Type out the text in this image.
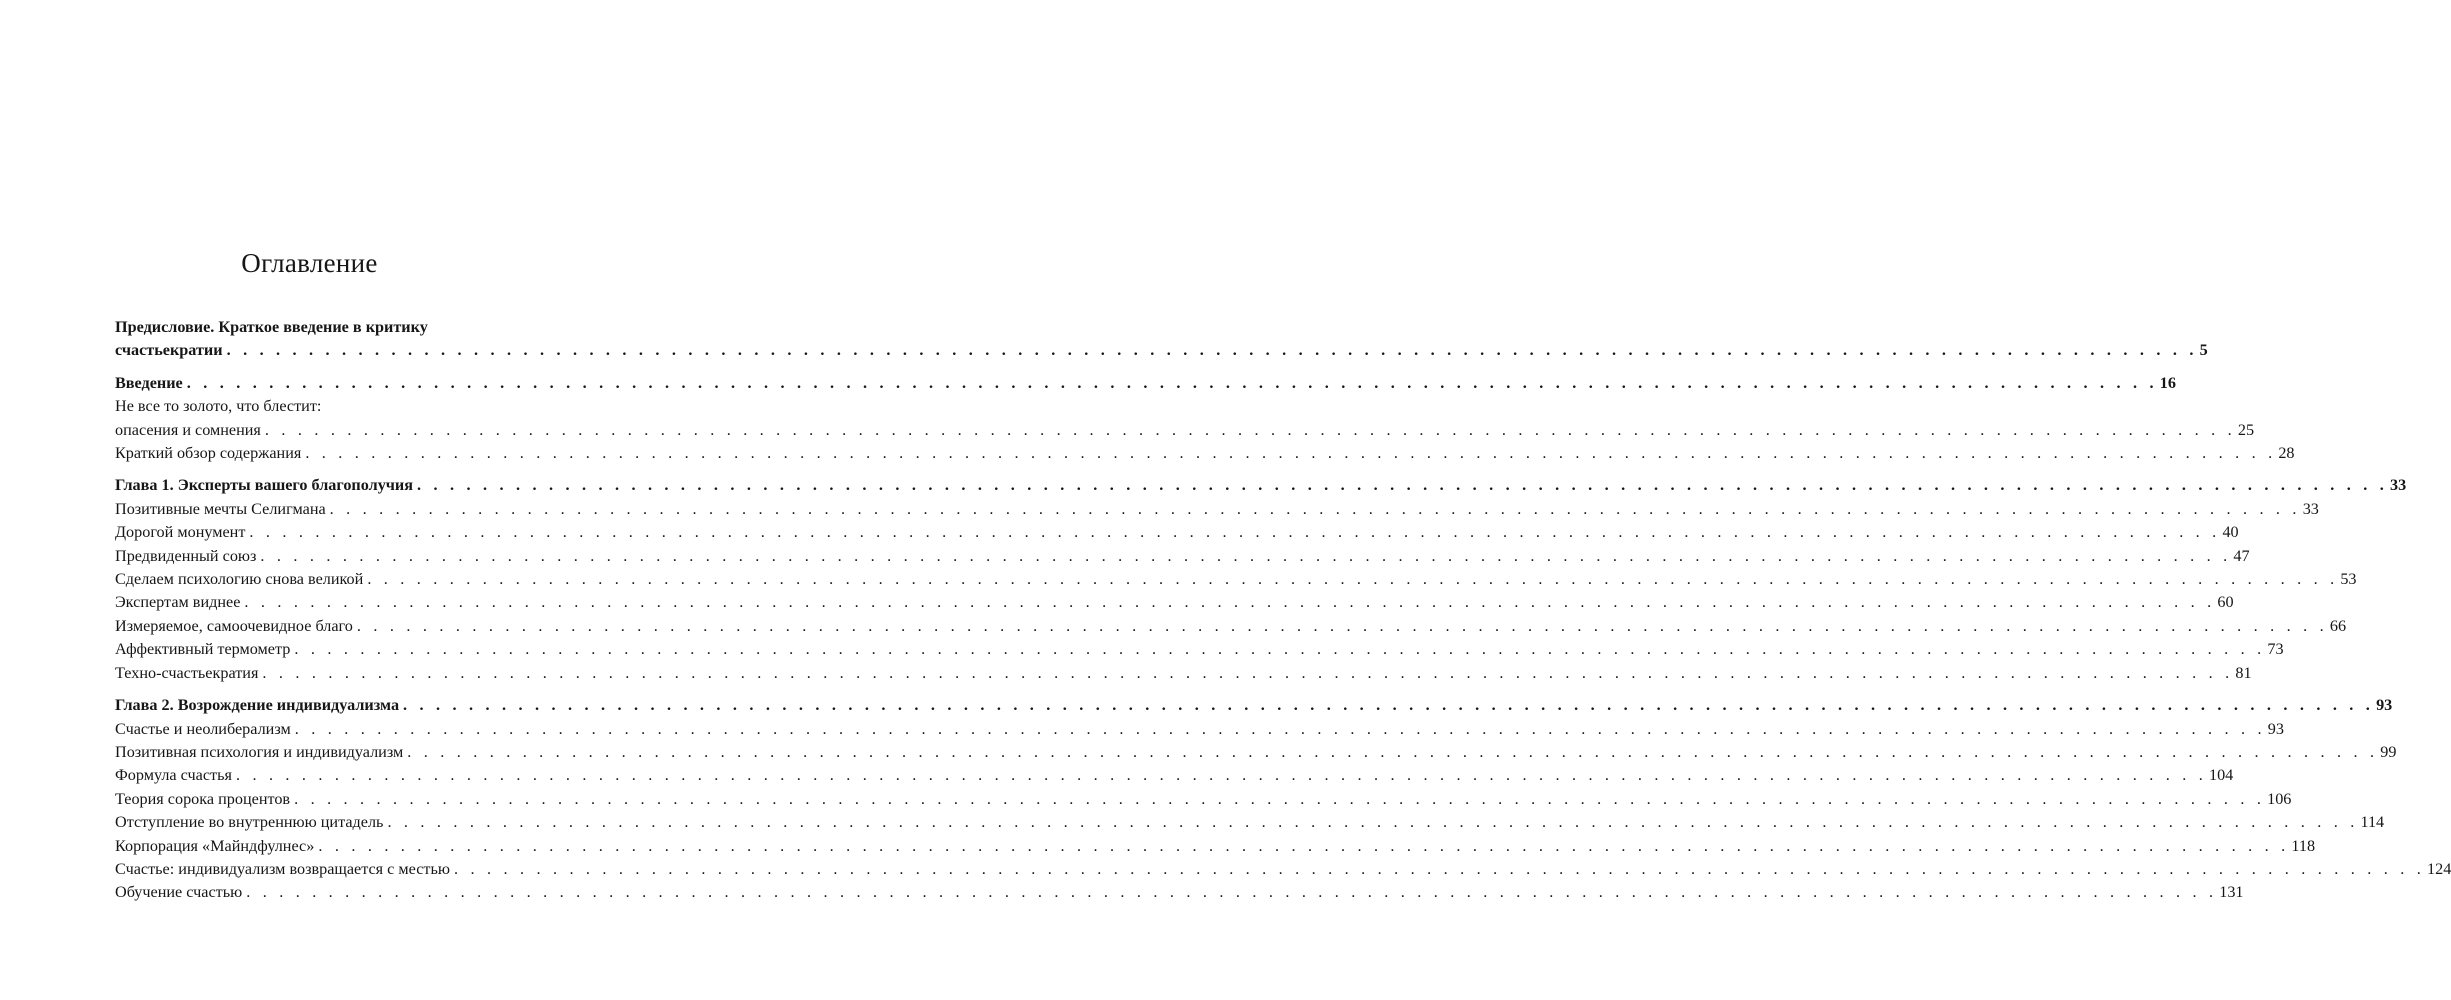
Оглавление
Предисловие. Краткое введение в критику
счастьекратии . . . . . . . . . . . . . . . . . . . . . . . . . . . . . . . . . . . . . . . . . . . . . . . . . . . . . . . . . . . . . . . . . . . . . . . . . . . . . . . . . . . . . . . . . . . . . . . . . . . . . . . . . . . . . . . . . . . . . . . . 5
Введение . . . . . . . . . . . . . . . . . . . . . . . . . . . . . . . . . . . . . . . . . . . . . . . . . . . . . . . . . . . . . . . . . . . . . . . . . . . . . . . . . . . . . . . . . . . . . . . . . . . . . . . . . . . . . . . . . . . . . . . . 16
Не все то золото, что блестит:
опасения и сомнения . . . . . . . . . . . . . . . . . . . . . . . . . . . . . . . . . . . . . . . . . . . . . . . . . . . . . . . . . . . . . . . . . . . . . . . . . . . . . . . . . . . . . . . . . . . . . . . . . . . . . . . . . . . . . . . . . . . . . . . . 25
Краткий обзор содержания . . . . . . . . . . . . . . . . . . . . . . . . . . . . . . . . . . . . . . . . . . . . . . . . . . . . . . . . . . . . . . . . . . . . . . . . . . . . . . . . . . . . . . . . . . . . . . . . . . . . . . . . . . . . . . . . . . . . . . . . 28
Глава 1. Эксперты вашего благополучия . . . . . . . . . . . . . . . . . . . . . . . . . . . . . . . . . . . . . . . . . . . . . . . . . . . . . . . . . . . . . . . . . . . . . . . . . . . . . . . . . . . . . . . . . . . . . . . . . . . . . . . . . . . . . . . . . . . . . . . . 33
Позитивные мечты Селигмана . . . . . . . . . . . . . . . . . . . . . . . . . . . . . . . . . . . . . . . . . . . . . . . . . . . . . . . . . . . . . . . . . . . . . . . . . . . . . . . . . . . . . . . . . . . . . . . . . . . . . . . . . . . . . . . . . . . . . . . . 33
Дорогой монумент . . . . . . . . . . . . . . . . . . . . . . . . . . . . . . . . . . . . . . . . . . . . . . . . . . . . . . . . . . . . . . . . . . . . . . . . . . . . . . . . . . . . . . . . . . . . . . . . . . . . . . . . . . . . . . . . . . . . . . . . 40
Предвиденный союз . . . . . . . . . . . . . . . . . . . . . . . . . . . . . . . . . . . . . . . . . . . . . . . . . . . . . . . . . . . . . . . . . . . . . . . . . . . . . . . . . . . . . . . . . . . . . . . . . . . . . . . . . . . . . . . . . . . . . . . . 47
Сделаем психологию снова великой . . . . . . . . . . . . . . . . . . . . . . . . . . . . . . . . . . . . . . . . . . . . . . . . . . . . . . . . . . . . . . . . . . . . . . . . . . . . . . . . . . . . . . . . . . . . . . . . . . . . . . . . . . . . . . . . . . . . . . . . 53
Экспертам виднее . . . . . . . . . . . . . . . . . . . . . . . . . . . . . . . . . . . . . . . . . . . . . . . . . . . . . . . . . . . . . . . . . . . . . . . . . . . . . . . . . . . . . . . . . . . . . . . . . . . . . . . . . . . . . . . . . . . . . . . . 60
Измеряемое, самоочевидное благо . . . . . . . . . . . . . . . . . . . . . . . . . . . . . . . . . . . . . . . . . . . . . . . . . . . . . . . . . . . . . . . . . . . . . . . . . . . . . . . . . . . . . . . . . . . . . . . . . . . . . . . . . . . . . . . . . . . . . . . . 66
Аффективный термометр . . . . . . . . . . . . . . . . . . . . . . . . . . . . . . . . . . . . . . . . . . . . . . . . . . . . . . . . . . . . . . . . . . . . . . . . . . . . . . . . . . . . . . . . . . . . . . . . . . . . . . . . . . . . . . . . . . . . . . . . 73
Техно-счастьекратия . . . . . . . . . . . . . . . . . . . . . . . . . . . . . . . . . . . . . . . . . . . . . . . . . . . . . . . . . . . . . . . . . . . . . . . . . . . . . . . . . . . . . . . . . . . . . . . . . . . . . . . . . . . . . . . . . . . . . . . . 81
Глава 2. Возрождение индивидуализма . . . . . . . . . . . . . . . . . . . . . . . . . . . . . . . . . . . . . . . . . . . . . . . . . . . . . . . . . . . . . . . . . . . . . . . . . . . . . . . . . . . . . . . . . . . . . . . . . . . . . . . . . . . . . . . . . . . . . . . . 93
Счастье и неолиберализм . . . . . . . . . . . . . . . . . . . . . . . . . . . . . . . . . . . . . . . . . . . . . . . . . . . . . . . . . . . . . . . . . . . . . . . . . . . . . . . . . . . . . . . . . . . . . . . . . . . . . . . . . . . . . . . . . . . . . . . . 93
Позитивная психология и индивидуализм . . . . . . . . . . . . . . . . . . . . . . . . . . . . . . . . . . . . . . . . . . . . . . . . . . . . . . . . . . . . . . . . . . . . . . . . . . . . . . . . . . . . . . . . . . . . . . . . . . . . . . . . . . . . . . . . . . . . . . . . 99
Формула счастья . . . . . . . . . . . . . . . . . . . . . . . . . . . . . . . . . . . . . . . . . . . . . . . . . . . . . . . . . . . . . . . . . . . . . . . . . . . . . . . . . . . . . . . . . . . . . . . . . . . . . . . . . . . . . . . . . . . . . . . . 104
Теория сорока процентов . . . . . . . . . . . . . . . . . . . . . . . . . . . . . . . . . . . . . . . . . . . . . . . . . . . . . . . . . . . . . . . . . . . . . . . . . . . . . . . . . . . . . . . . . . . . . . . . . . . . . . . . . . . . . . . . . . . . . . . . 106
Отступление во внутреннюю цитадель . . . . . . . . . . . . . . . . . . . . . . . . . . . . . . . . . . . . . . . . . . . . . . . . . . . . . . . . . . . . . . . . . . . . . . . . . . . . . . . . . . . . . . . . . . . . . . . . . . . . . . . . . . . . . . . . . . . . . . . . 114
Корпорация «Майндфулнес» . . . . . . . . . . . . . . . . . . . . . . . . . . . . . . . . . . . . . . . . . . . . . . . . . . . . . . . . . . . . . . . . . . . . . . . . . . . . . . . . . . . . . . . . . . . . . . . . . . . . . . . . . . . . . . . . . . . . . . . . 118
Счастье: индивидуализм возвращается с местью . . . . . . . . . . . . . . . . . . . . . . . . . . . . . . . . . . . . . . . . . . . . . . . . . . . . . . . . . . . . . . . . . . . . . . . . . . . . . . . . . . . . . . . . . . . . . . . . . . . . . . . . . . . . . . . . . . . . . . . . 124
Обучение счастью . . . . . . . . . . . . . . . . . . . . . . . . . . . . . . . . . . . . . . . . . . . . . . . . . . . . . . . . . . . . . . . . . . . . . . . . . . . . . . . . . . . . . . . . . . . . . . . . . . . . . . . . . . . . . . . . . . . . . . . . 131
